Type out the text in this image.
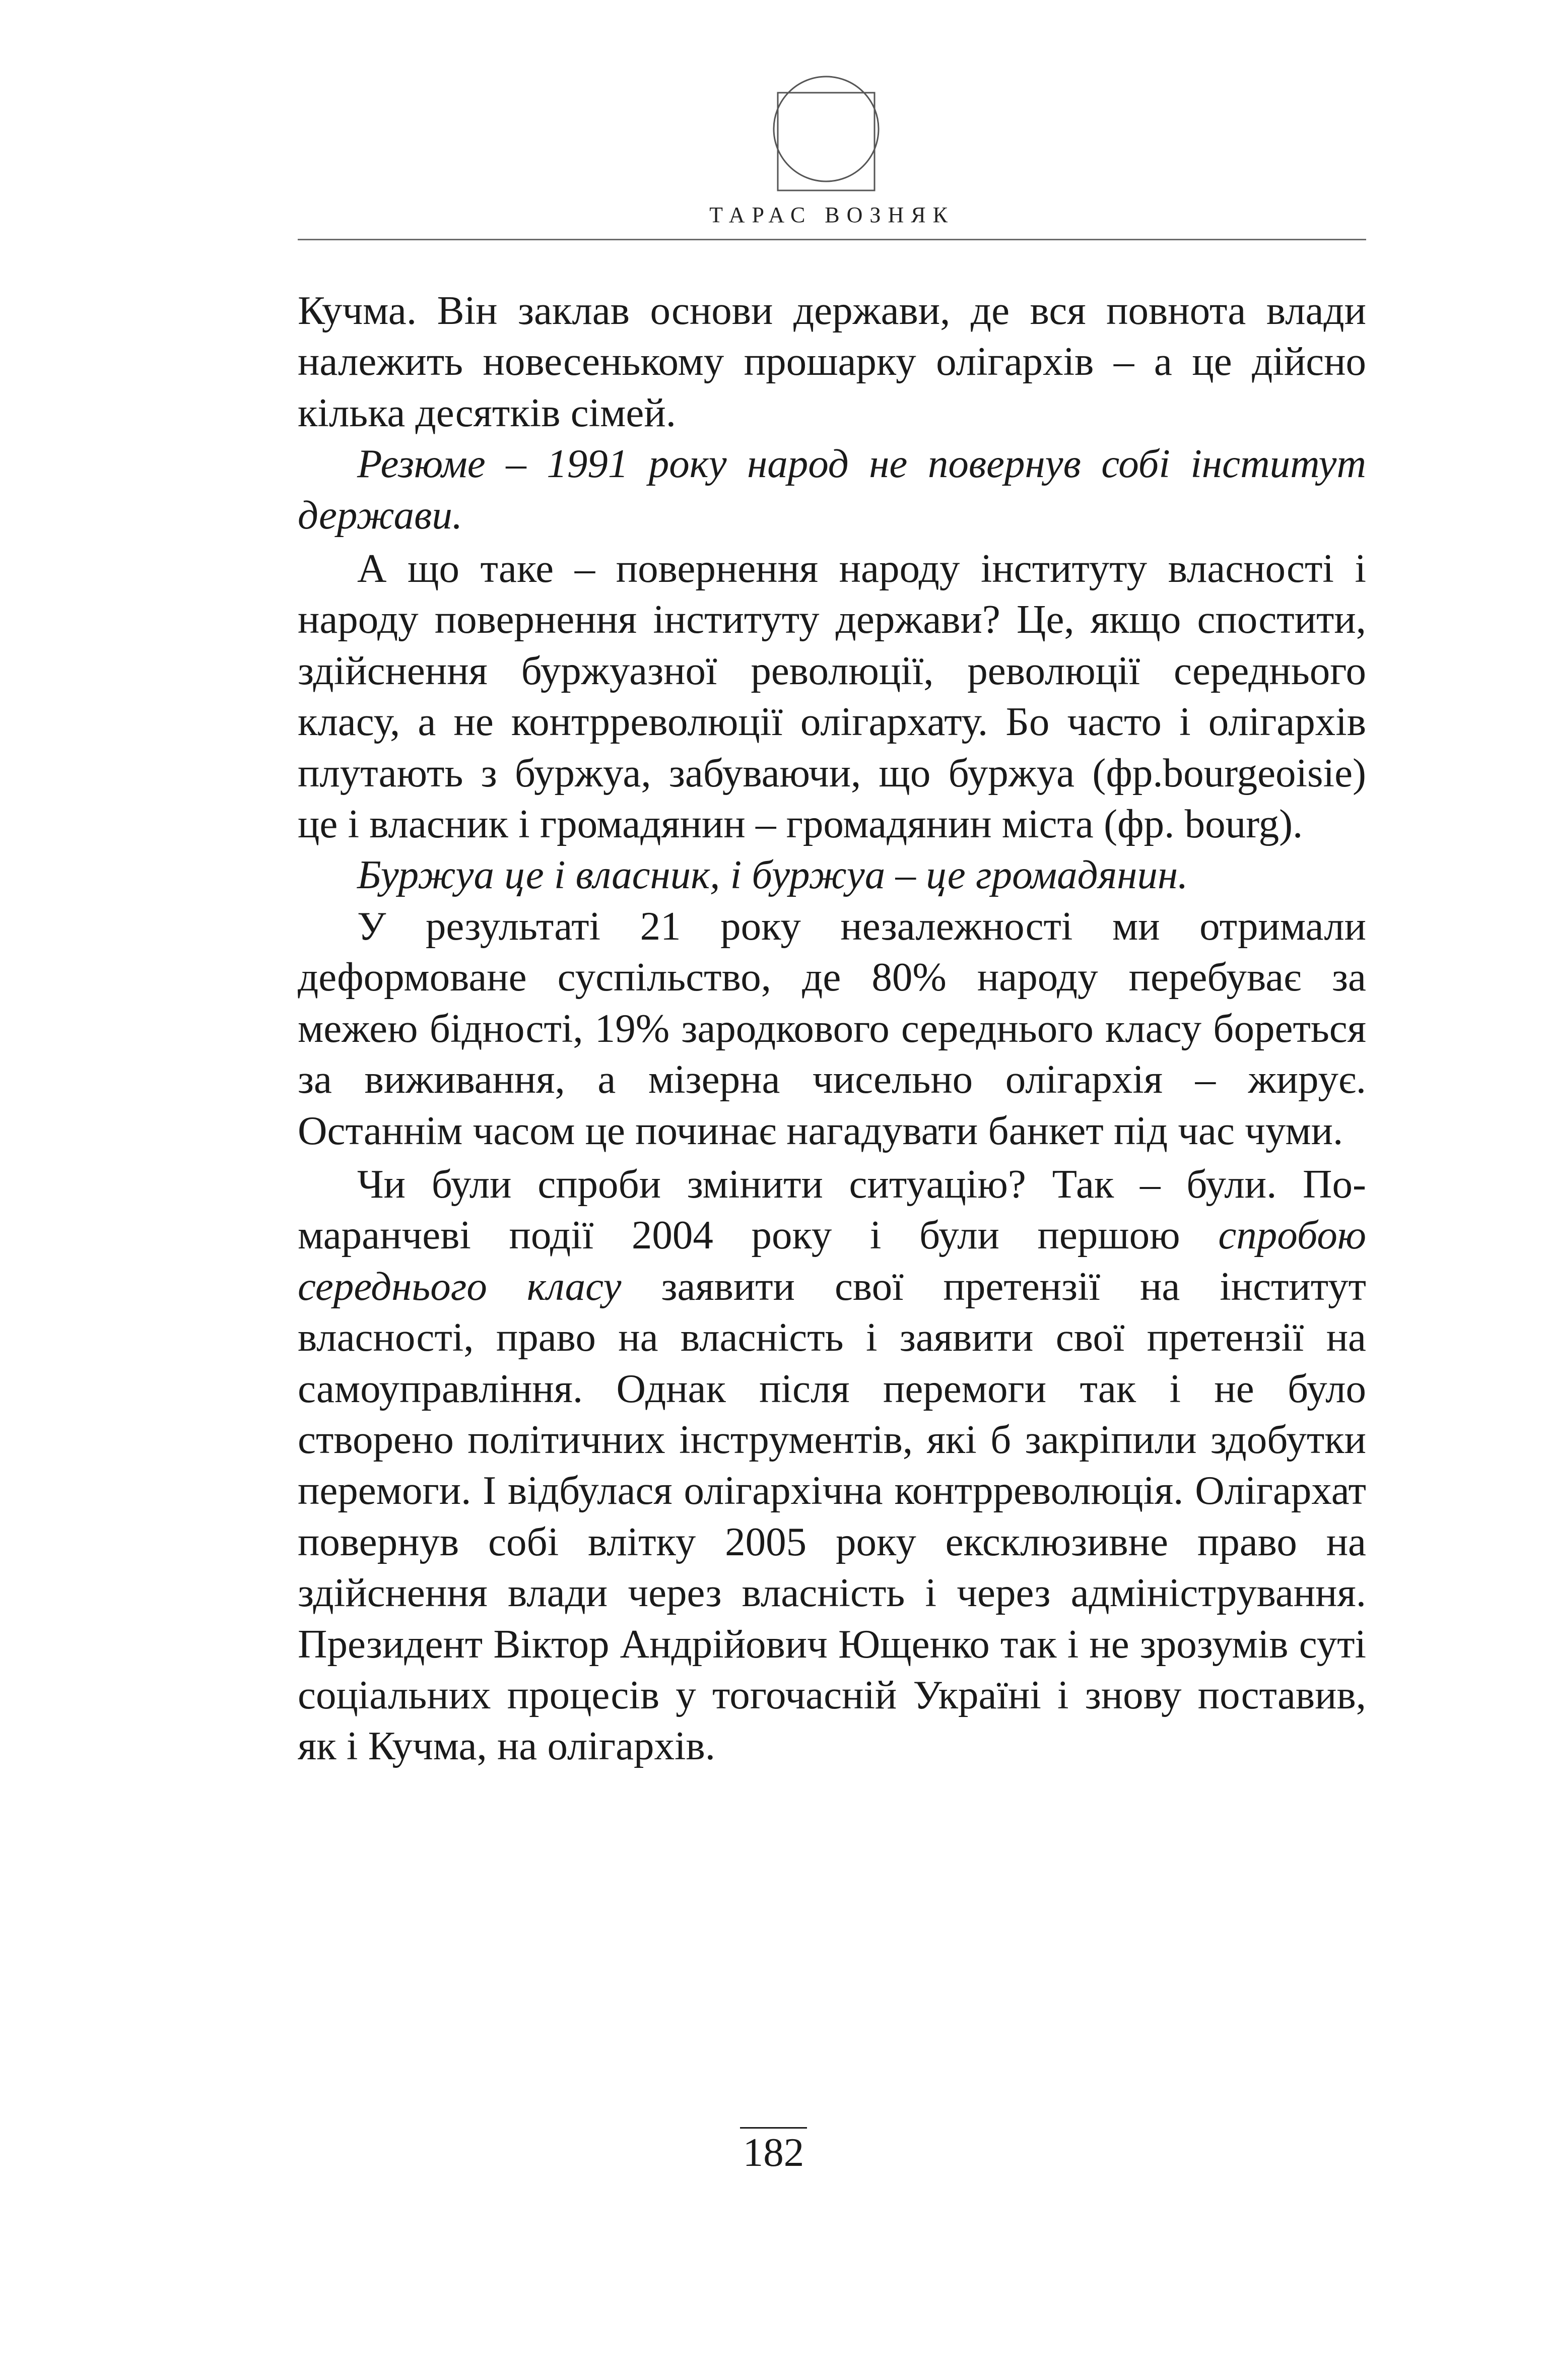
ТАРАС ВОЗНЯК

Кучма. Він заклав основи держави, де вся повнота влади належить новесенькому прошарку олігархів – а це дійсно кілька десятків сімей.

Резюме – 1991 року народ не повернув собі інститут держави.

А що таке – повернення народу інституту власності і народу повернення інституту держави? Це, якщо спостити, здійснення буржуазної революції, революції середнього класу, а не контрреволюції олігархату. Бо часто і олігархів плутають з буржуа, забуваючи, що буржуа (фр.bourgeoisie) це і власник і громадянин – громадянин міста (фр. bourg).

Буржуа це і власник, і буржуа – це громадянин.

У результаті 21 року незалежності ми отримали деформоване суспільство, де 80% народу перебуває за межею бідності, 19% зародкового середнього класу бореться за виживання, а мізерна чисельно олігархія – жирує. Останнім часом це починає нагадувати банкет під час чуми.

Чи були спроби змінити ситуацію? Так – були. Помаранчеві події 2004 року і були першою спробою середнього класу заявити свої претензії на інститут власності, право на власність і заявити свої претензії на самоуправління. Однак після перемоги так і не було створено політичних інструментів, які б закріпили здобутки перемоги. І відбулася олігархічна контрреволюція. Олігархат повернув собі влітку 2005 року ексклюзивне право на здійснення влади через власність і через адміністрування. Президент Віктор Андрійович Ющенко так і не зрозумів суті соціальних процесів у тогочасній Україні і знову поставив, як і Кучма, на олігархів.

182
